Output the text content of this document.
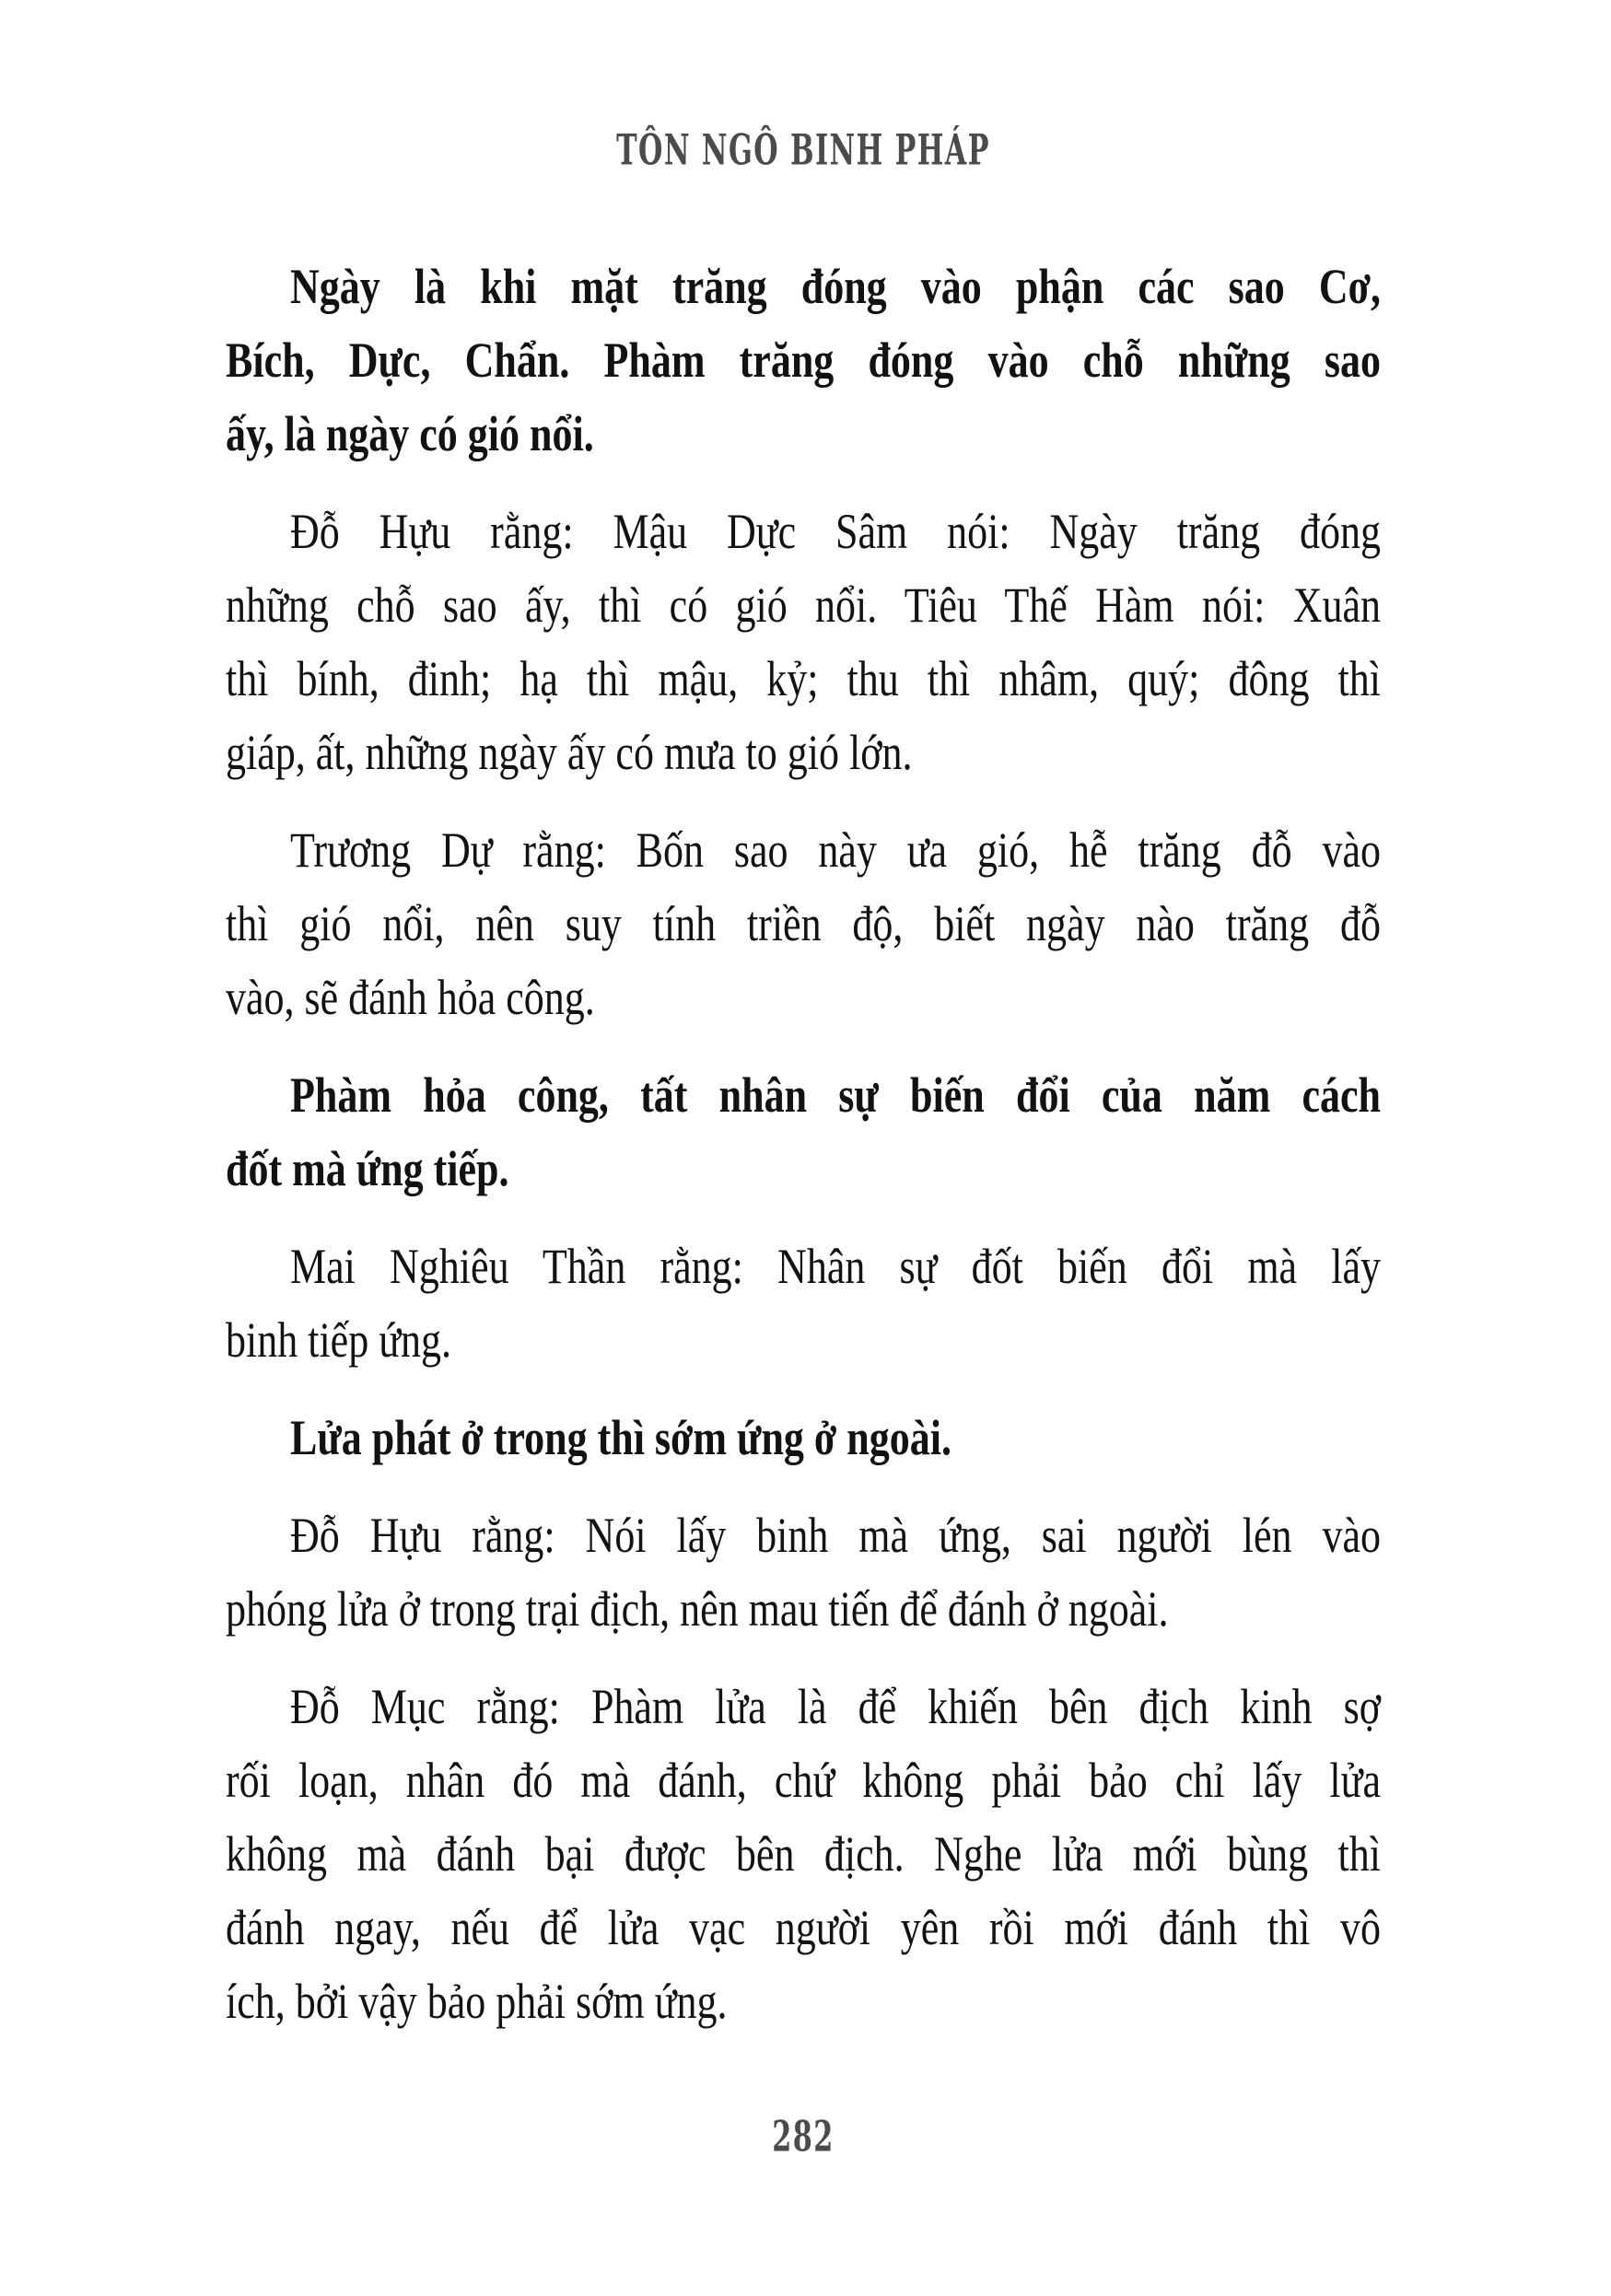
TÔN NGÔ BINH PHÁP
Ngày là khi mặt trăng đóng vào phận các sao Cơ,
Bích, Dực, Chẩn. Phàm trăng đóng vào chỗ những sao
ấy, là ngày có gió nổi.
Đỗ Hựu rằng: Mậu Dực Sâm nói: Ngày trăng đóng
những chỗ sao ấy, thì có gió nổi. Tiêu Thế Hàm nói: Xuân
thì bính, đinh; hạ thì mậu, kỷ; thu thì nhâm, quý; đông thì
giáp, ất, những ngày ấy có mưa to gió lớn.
Trương Dự rằng: Bốn sao này ưa gió, hễ trăng đỗ vào
thì gió nổi, nên suy tính triền độ, biết ngày nào trăng đỗ
vào, sẽ đánh hỏa công.
Phàm hỏa công, tất nhân sự biến đổi của năm cách
đốt mà ứng tiếp.
Mai Nghiêu Thần rằng: Nhân sự đốt biến đổi mà lấy
binh tiếp ứng.
Lửa phát ở trong thì sớm ứng ở ngoài.
Đỗ Hựu rằng: Nói lấy binh mà ứng, sai người lén vào
phóng lửa ở trong trại địch, nên mau tiến để đánh ở ngoài.
Đỗ Mục rằng: Phàm lửa là để khiến bên địch kinh sợ
rối loạn, nhân đó mà đánh, chứ không phải bảo chỉ lấy lửa
không mà đánh bại được bên địch. Nghe lửa mới bùng thì
đánh ngay, nếu để lửa vạc người yên rồi mới đánh thì vô
ích, bởi vậy bảo phải sớm ứng.
282
